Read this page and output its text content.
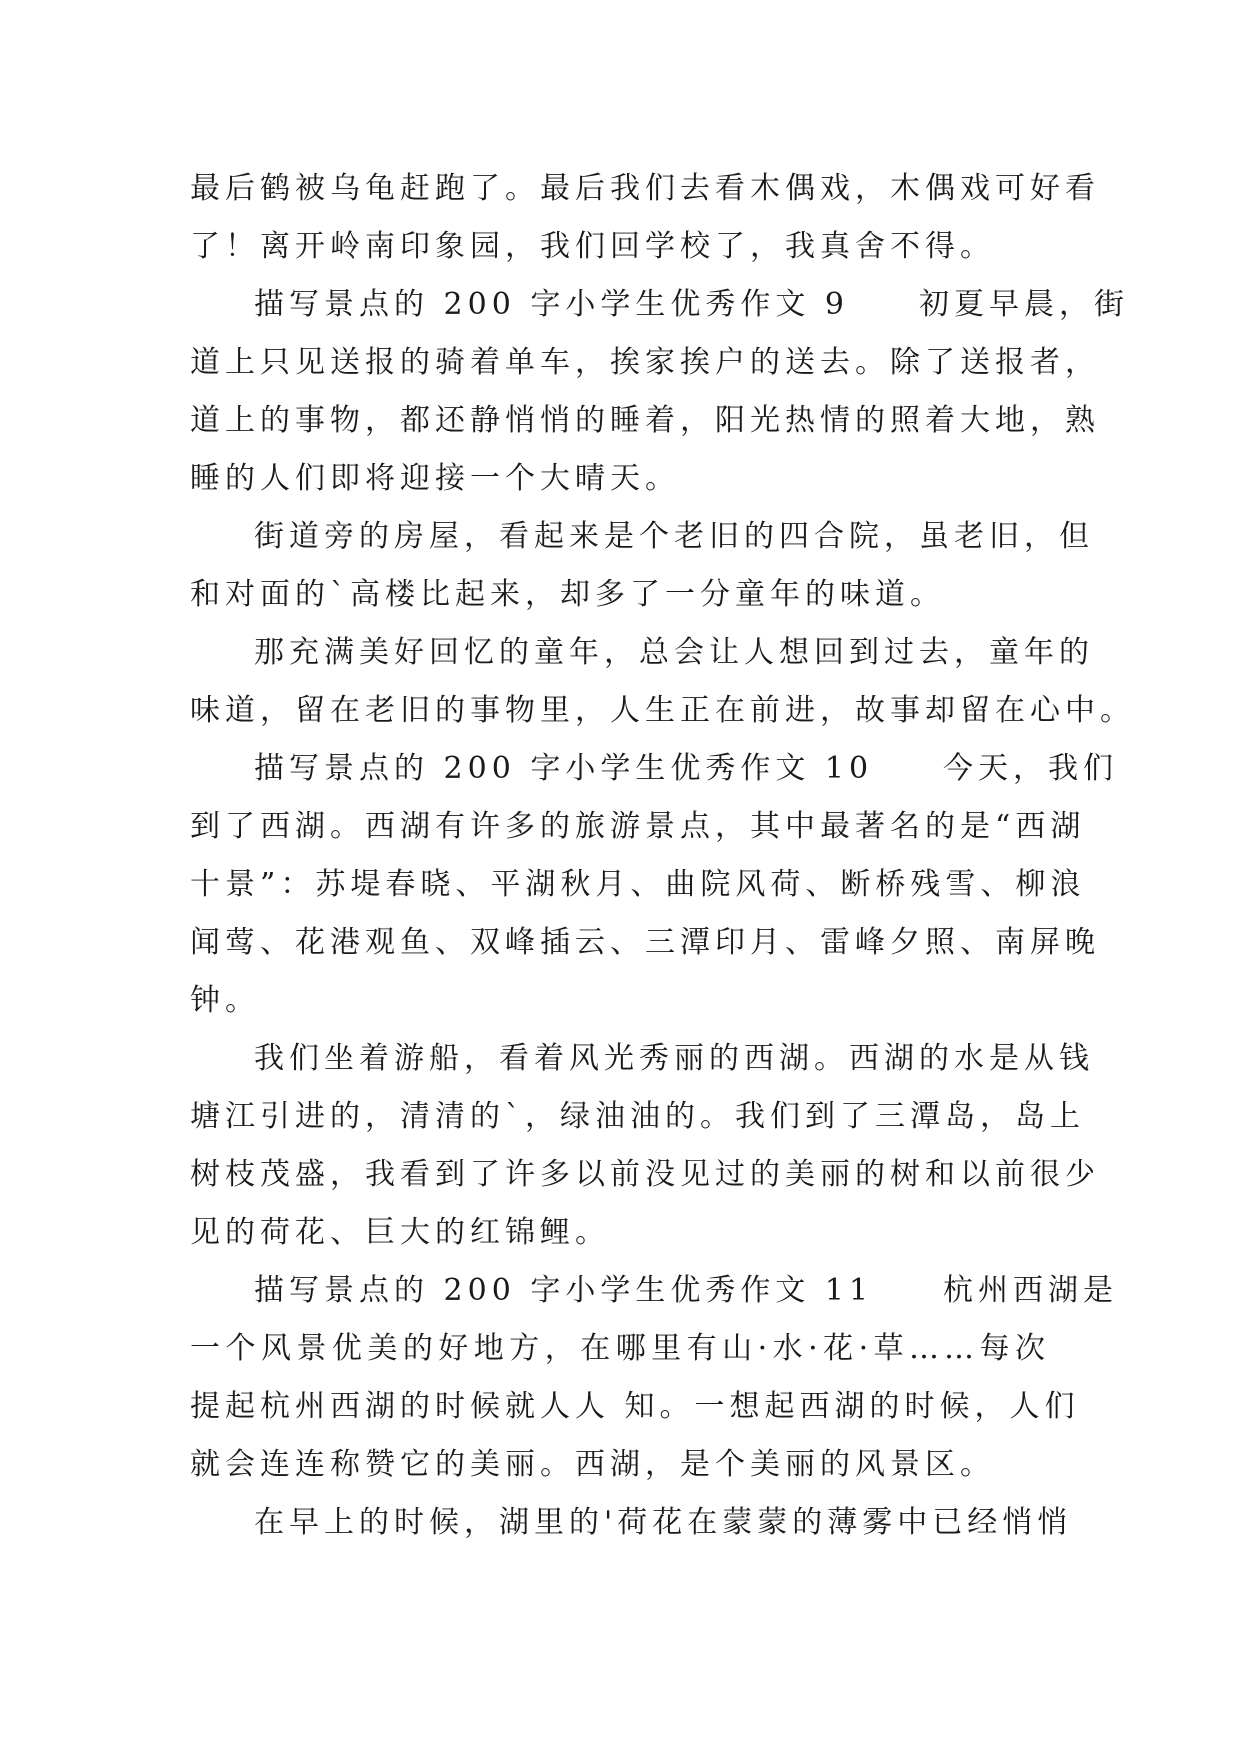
最后鹤被乌龟赶跑了。最后我们去看木偶戏，木偶戏可好看
了！离开岭南印象园，我们回学校了，我真舍不得。
描写景点的 200 字小学生优秀作文 9　　初夏早晨，街
道上只见送报的骑着单车，挨家挨户的送去。除了送报者，
道上的事物，都还静悄悄的睡着，阳光热情的照着大地，熟
睡的人们即将迎接一个大晴天。
街道旁的房屋，看起来是个老旧的四合院，虽老旧，但
和对面的`高楼比起来，却多了一分童年的味道。
那充满美好回忆的童年，总会让人想回到过去，童年的
味道，留在老旧的事物里，人生正在前进，故事却留在心中。
描写景点的 200 字小学生优秀作文 10　　今天，我们
到了西湖。西湖有许多的旅游景点，其中最著名的是“西湖
十景”：苏堤春晓、平湖秋月、曲院风荷、断桥残雪、柳浪
闻莺、花港观鱼、双峰插云、三潭印月、雷峰夕照、南屏晚
钟。
我们坐着游船，看着风光秀丽的西湖。西湖的水是从钱
塘江引进的，清清的`，绿油油的。我们到了三潭岛，岛上
树枝茂盛，我看到了许多以前没见过的美丽的树和以前很少
见的荷花、巨大的红锦鲤。
描写景点的 200 字小学生优秀作文 11　　杭州西湖是
一个风景优美的好地方，在哪里有山·水·花·草……每次
提起杭州西湖的时候就人人 知。一想起西湖的时候，人们
就会连连称赞它的美丽。西湖，是个美丽的风景区。
在早上的时候，湖里的'荷花在蒙蒙的薄雾中已经悄悄
